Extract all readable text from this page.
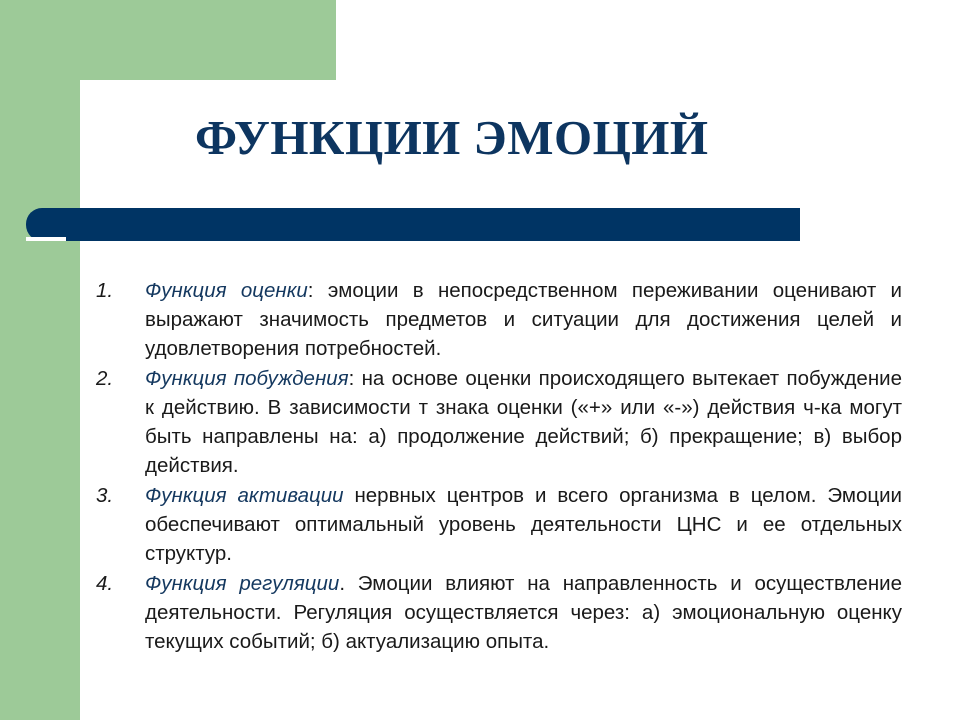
ФУНКЦИИ ЭМОЦИЙ
1. Функция оценки: эмоции в непосредственном переживании оценивают и выражают значимость предметов и ситуации для достижения целей и удовлетворения потребностей.
2. Функция побуждения: на основе оценки происходящего вытекает побуждение к действию. В зависимости т знака оценки («+» или «-») действия ч-ка могут быть направлены на: а) продолжение действий; б) прекращение; в) выбор действия.
3. Функция активации нервных центров и всего организма в целом. Эмоции обеспечивают оптимальный уровень деятельности ЦНС и ее отдельных структур.
4. Функция регуляции. Эмоции влияют на направленность и осуществление деятельности. Регуляция осуществляется через: а) эмоциональную оценку текущих событий; б) актуализацию опыта.
